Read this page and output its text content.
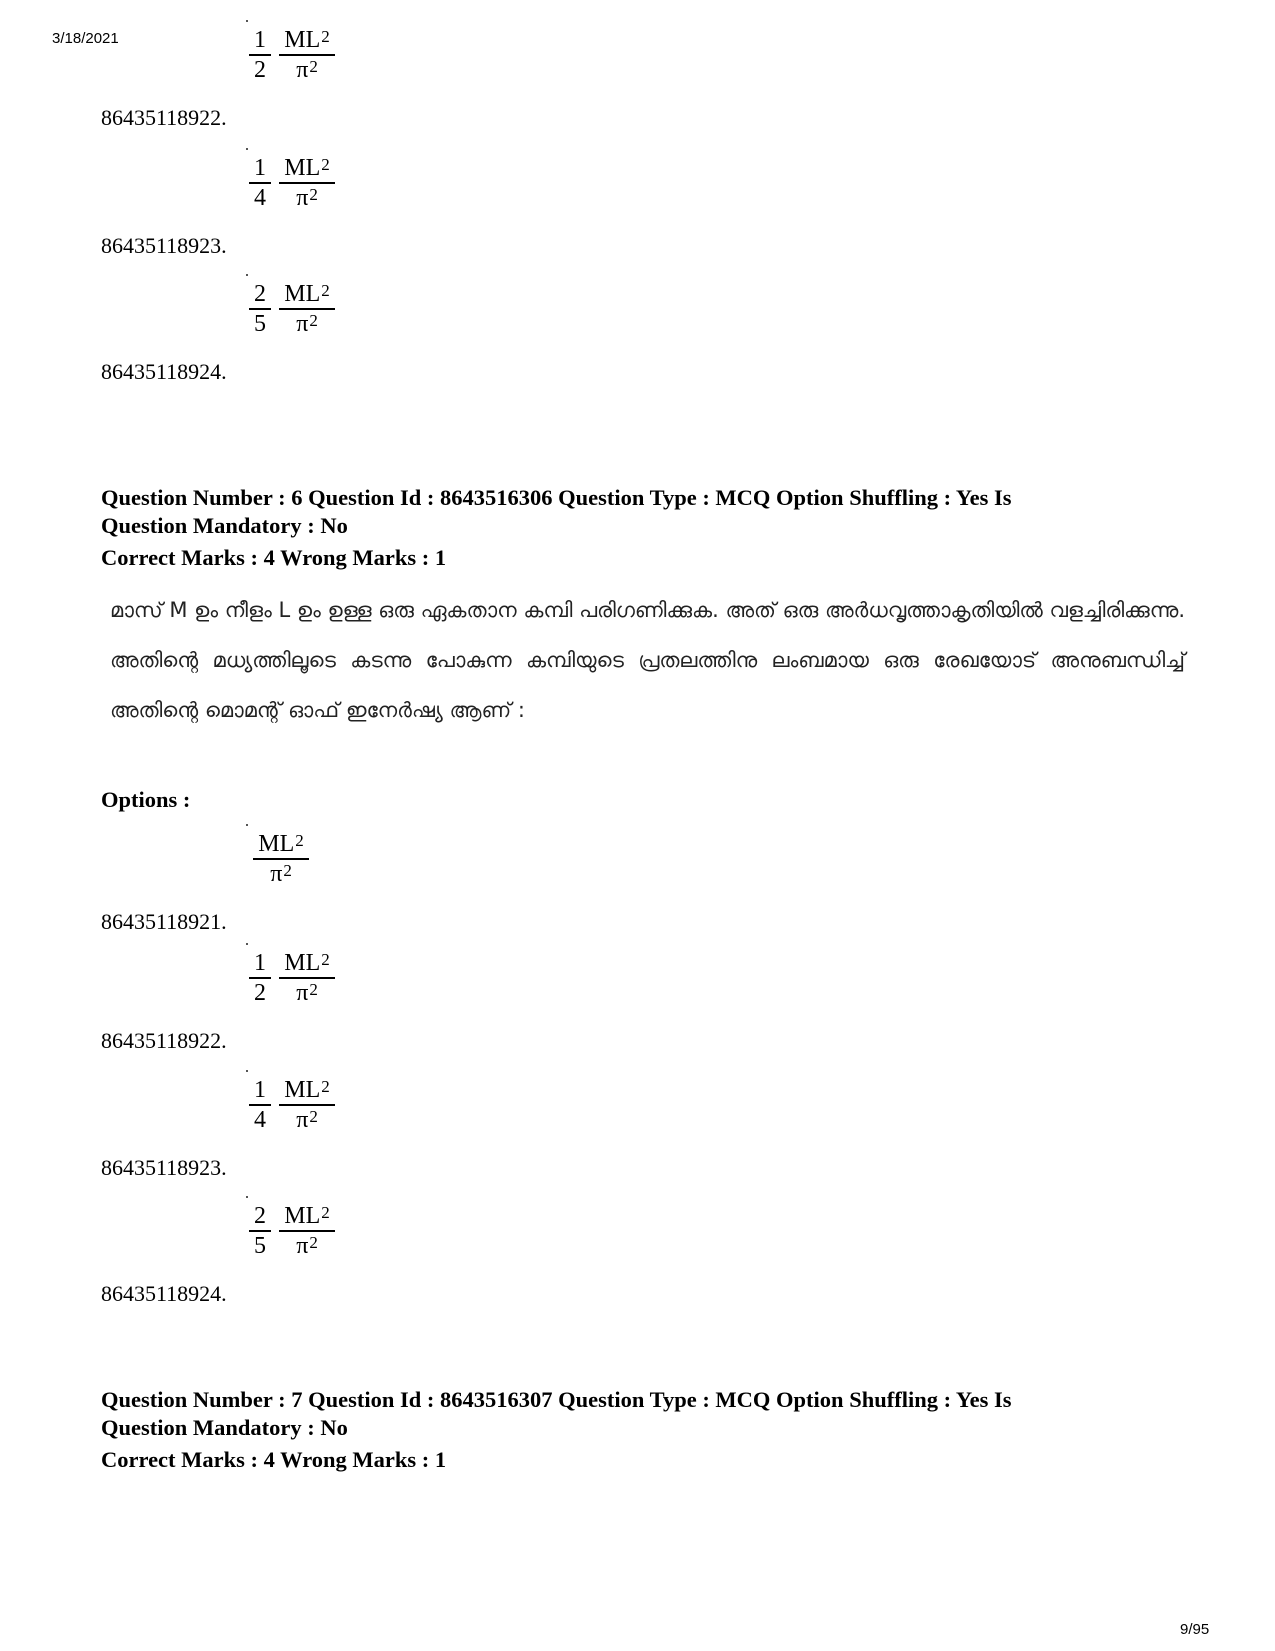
3/18/2021	1
2
$ML^2$
$\pi^2$
86435118922.
1
4
$ML^2$
$\pi^2$
86435118923.
2
5
$ML^2$
$\pi^2$
86435118924.
Question Number : 6 Question Id : 8643516306 Question Type : MCQ Option Shuffling : Yes Is
Question Mandatory : No
Correct Marks : 4 Wrong Marks : 1
മാസ് M ഉം നീളം L ഉം ഉള്ള ഒരു ഏകതാന കമ്പി പരിഗണിക്കുക. അത് ഒരു അർധവൃത്താകൃതിയിൽ വളച്ചിരിക്കുന്നു. അതിന്റെ മധ്യത്തിലൂടെ കടന്നു പോകുന്ന കമ്പിയുടെ പ്രതലത്തിനു ലംബമായ ഒരു രേഖയോട് അനുബന്ധിച്ച് അതിന്റെ മൊമന്റ് ഓഫ് ഇനേർഷ്യ ആണ് :
Options :
$ML^2$
$\pi^2$
86435118921.
1
2
$ML^2$
$\pi^2$
86435118922.
1
4
$ML^2$
$\pi^2$
86435118923.
2
5
$ML^2$
$\pi^2$
86435118924.
Question Number : 7 Question Id : 8643516307 Question Type : MCQ Option Shuffling : Yes Is
Question Mandatory : No
Correct Marks : 4 Wrong Marks : 1
9/95
